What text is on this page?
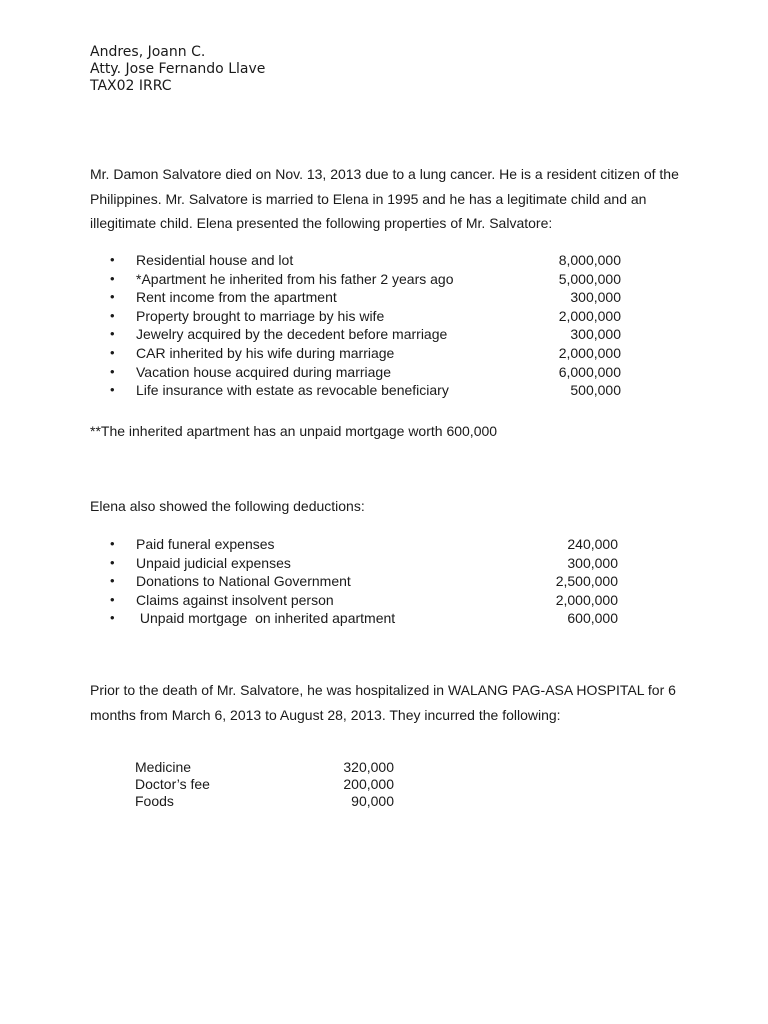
Andres, Joann C.
Atty. Jose Fernando Llave
TAX02 IRRC
Mr. Damon Salvatore died on Nov. 13, 2013 due to a lung cancer. He is a resident citizen of the Philippines. Mr. Salvatore is married to Elena in 1995 and he has a legitimate child and an illegitimate child. Elena presented the following properties of Mr. Salvatore:
• Residential house and lot	8,000,000
• *Apartment he inherited from his father 2 years ago	5,000,000
• Rent income from the apartment	300,000
• Property brought to marriage by his wife	2,000,000
• Jewelry acquired by the decedent before marriage	300,000
• CAR inherited by his wife during marriage	2,000,000
• Vacation house acquired during marriage	6,000,000
• Life insurance with estate as revocable beneficiary	500,000
**The inherited apartment has an unpaid mortgage worth 600,000
Elena also showed the following deductions:
• Paid funeral expenses	240,000
• Unpaid judicial expenses	300,000
• Donations to National Government	2,500,000
• Claims against insolvent person	2,000,000
• Unpaid mortgage  on inherited apartment	600,000
Prior to the death of Mr. Salvatore, he was hospitalized in WALANG PAG-ASA HOSPITAL for 6 months from March 6, 2013 to August 28, 2013. They incurred the following:
Medicine	320,000
Doctor’s fee	200,000
Foods	90,000
